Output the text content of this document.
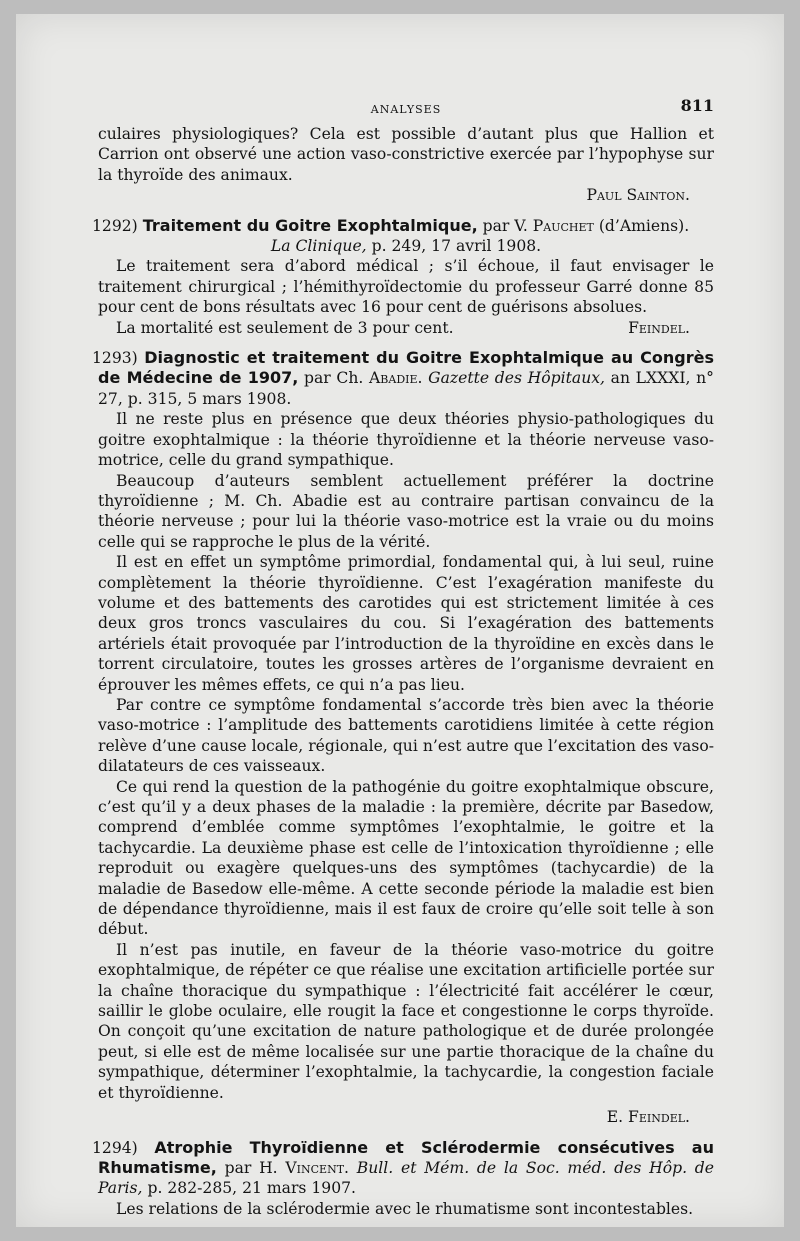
ANALYSES	811

culaires physiologiques? Cela est possible d’autant plus que Hallion et Carrion ont observé une action vaso-constrictive exercée par l’hypophyse sur la thyroïde des animaux.

Paul Sainton.

1292) Traitement du Goitre Exophtalmique, par V. Pauchet (d’Amiens).

La Clinique, p. 249, 17 avril 1908.

Le traitement sera d’abord médical ; s’il échoue, il faut envisager le traitement chirurgical ; l’hémithyroïdectomie du professeur Garré donne 85 pour cent de bons résultats avec 16 pour cent de guérisons absolues.

La mortalité est seulement de 3 pour cent.	Feindel.

1293) Diagnostic et traitement du Goitre Exophtalmique au Congrès de Médecine de 1907, par Ch. Abadie. Gazette des Hôpitaux, an LXXXI, n° 27, p. 315, 5 mars 1908.

Il ne reste plus en présence que deux théories physio-pathologiques du goitre exophtalmique : la théorie thyroïdienne et la théorie nerveuse vaso-motrice, celle du grand sympathique.

Beaucoup d’auteurs semblent actuellement préférer la doctrine thyroïdienne ; M. Ch. Abadie est au contraire partisan convaincu de la théorie nerveuse ; pour lui la théorie vaso-motrice est la vraie ou du moins celle qui se rapproche le plus de la vérité.

Il est en effet un symptôme primordial, fondamental qui, à lui seul, ruine complètement la théorie thyroïdienne. C’est l’exagération manifeste du volume et des battements des carotides qui est strictement limitée à ces deux gros troncs vasculaires du cou. Si l’exagération des battements artériels était provoquée par l’introduction de la thyroïdine en excès dans le torrent circulatoire, toutes les grosses artères de l’organisme devraient en éprouver les mêmes effets, ce qui n’a pas lieu.

Par contre ce symptôme fondamental s’accorde très bien avec la théorie vaso-motrice : l’amplitude des battements carotidiens limitée à cette région relève d’une cause locale, régionale, qui n’est autre que l’excitation des vaso-dilatateurs de ces vaisseaux.

Ce qui rend la question de la pathogénie du goitre exophtalmique obscure, c’est qu’il y a deux phases de la maladie : la première, décrite par Basedow, comprend d’emblée comme symptômes l’exophtalmie, le goitre et la tachycardie. La deuxième phase est celle de l’intoxication thyroïdienne ; elle reproduit ou exagère quelques-uns des symptômes (tachycardie) de la maladie de Basedow elle-même. A cette seconde période la maladie est bien de dépendance thyroïdienne, mais il est faux de croire qu’elle soit telle à son début.

Il n’est pas inutile, en faveur de la théorie vaso-motrice du goitre exophtalmique, de répéter ce que réalise une excitation artificielle portée sur la chaîne thoracique du sympathique : l’électricité fait accélérer le cœur, saillir le globe oculaire, elle rougit la face et congestionne le corps thyroïde. On conçoit qu’une excitation de nature pathologique et de durée prolongée peut, si elle est de même localisée sur une partie thoracique de la chaîne du sympathique, déterminer l’exophtalmie, la tachycardie, la congestion faciale et thyroïdienne.

E. Feindel.

1294) Atrophie Thyroïdienne et Sclérodermie consécutives au Rhumatisme, par H. Vincent. Bull. et Mém. de la Soc. méd. des Hôp. de Paris, p. 282-285, 21 mars 1907.

Les relations de la sclérodermie avec le rhumatisme sont incontestables.
